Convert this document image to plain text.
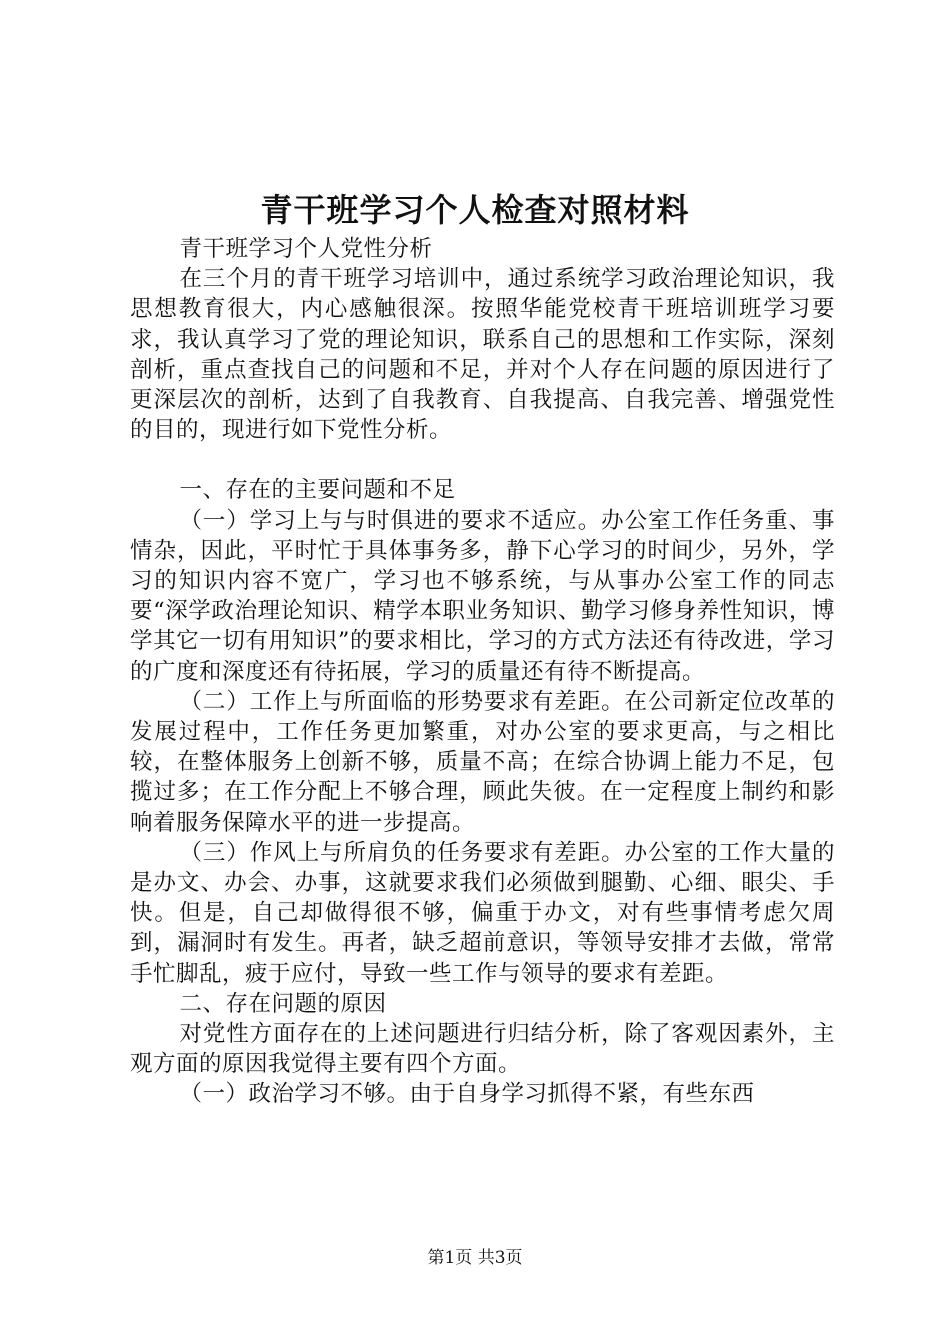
青干班学习个人检查对照材料

青干班学习个人党性分析

在三个月的青干班学习培训中，通过系统学习政治理论知识，我思想教育很大，内心感触很深。按照华能党校青干班培训班学习要求，我认真学习了党的理论知识，联系自己的思想和工作实际，深刻剖析，重点查找自己的问题和不足，并对个人存在问题的原因进行了更深层次的剖析，达到了自我教育、自我提高、自我完善、增强党性的目的，现进行如下党性分析。

一、存在的主要问题和不足

（一）学习上与与时俱进的要求不适应。办公室工作任务重、事情杂，因此，平时忙于具体事务多，静下心学习的时间少，另外，学习的知识内容不宽广，学习也不够系统，与从事办公室工作的同志要“深学政治理论知识、精学本职业务知识、勤学习修身养性知识，博学其它一切有用知识”的要求相比，学习的方式方法还有待改进，学习的广度和深度还有待拓展，学习的质量还有待不断提高。

（二）工作上与所面临的形势要求有差距。在公司新定位改革的发展过程中，工作任务更加繁重，对办公室的要求更高，与之相比较，在整体服务上创新不够，质量不高；在综合协调上能力不足，包揽过多；在工作分配上不够合理，顾此失彼。在一定程度上制约和影响着服务保障水平的进一步提高。

（三）作风上与所肩负的任务要求有差距。办公室的工作大量的是办文、办会、办事，这就要求我们必须做到腿勤、心细、眼尖、手快。但是，自己却做得很不够，偏重于办文，对有些事情考虑欠周到，漏洞时有发生。再者，缺乏超前意识，等领导安排才去做，常常手忙脚乱，疲于应付，导致一些工作与领导的要求有差距。

二、存在问题的原因

对党性方面存在的上述问题进行归结分析，除了客观因素外，主观方面的原因我觉得主要有四个方面。

（一）政治学习不够。由于自身学习抓得不紧，有些东西

第1页 共3页
